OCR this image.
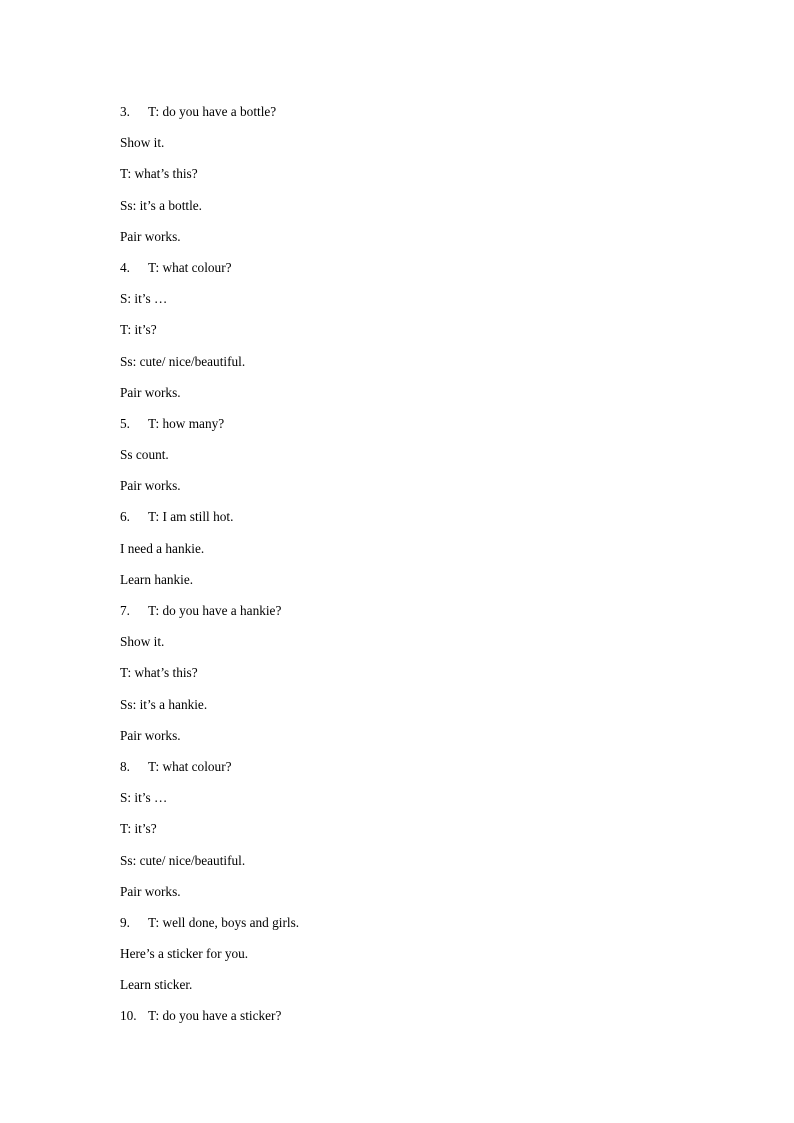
3. T: do you have a bottle?
Show it.
T: what’s this?
Ss: it’s a bottle.
Pair works.
4. T: what colour?
S: it’s …
T: it’s?
Ss: cute/ nice/beautiful.
Pair works.
5. T: how many?
Ss count.
Pair works.
6. T: I am still hot.
I need a hankie.
Learn hankie.
7. T: do you have a hankie?
Show it.
T: what’s this?
Ss: it’s a hankie.
Pair works.
8. T: what colour?
S: it’s …
T: it’s?
Ss: cute/ nice/beautiful.
Pair works.
9. T: well done, boys and girls.
Here’s a sticker for you.
Learn sticker.
10. T: do you have a sticker?
